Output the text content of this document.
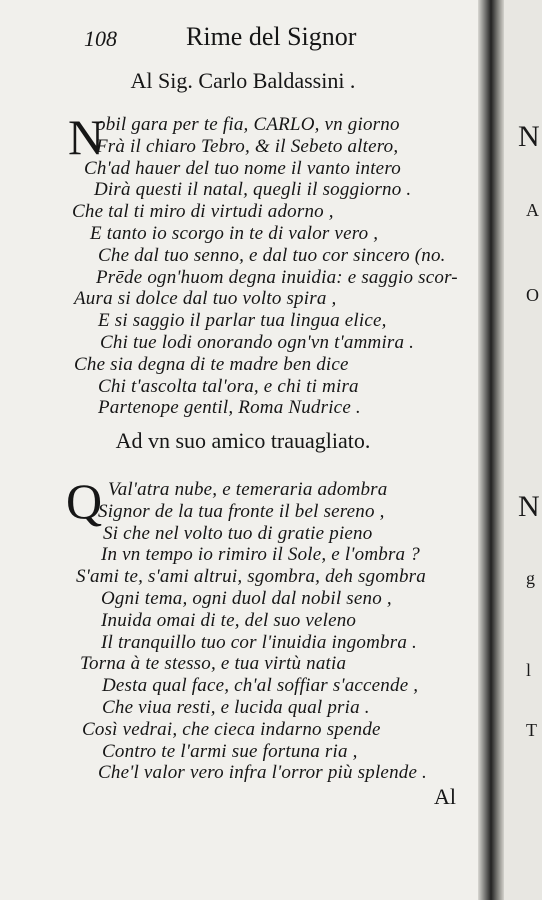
108	Rime del Signor
Al Sig. Carlo Baldassini .
N
obil gara per te fia, CARLO, vn giorno
Frà il chiaro Tebro, & il Sebeto altero,
Ch'ad hauer del tuo nome il vanto intero
Dirà questi il natal, quegli il soggiorno .
Che tal ti miro di virtudi adorno ,
E tanto io scorgo in te di valor vero ,
Che dal tuo senno, e dal tuo cor sincero (no.
Prēde ogn'huom degna inuidia: e saggio scor-
Aura si dolce dal tuo volto spira ,
E si saggio il parlar tua lingua elice,
Chi tue lodi onorando ogn'vn t'ammira .
Che sia degna di te madre ben dice
Chi t'ascolta tal'ora, e chi ti mira
Partenope gentil, Roma Nudrice .
Ad vn suo amico trauagliato.
Q Val'atra nube, e temeraria adombra
Signor de la tua fronte il bel sereno ,
Si che nel volto tuo di gratie pieno
In vn tempo io rimiro il Sole, e l'ombra ?
S'ami te, s'ami altrui, sgombra, deh sgombra
Ogni tema, ogni duol dal nobil seno ,
Inuida omai di te, del suo veleno
Il tranquillo tuo cor l'inuidia ingombra .
Torna à te stesso, e tua virtù natia
Desta qual face, ch'al soffiar s'accende ,
Che viua resti, e lucida qual pria .
Così vedrai, che cieca indarno spende
Contro te l'armi sue fortuna ria ,
Che'l valor vero infra l'orror più splende .
Al
N
A
O
N
g
l
T
